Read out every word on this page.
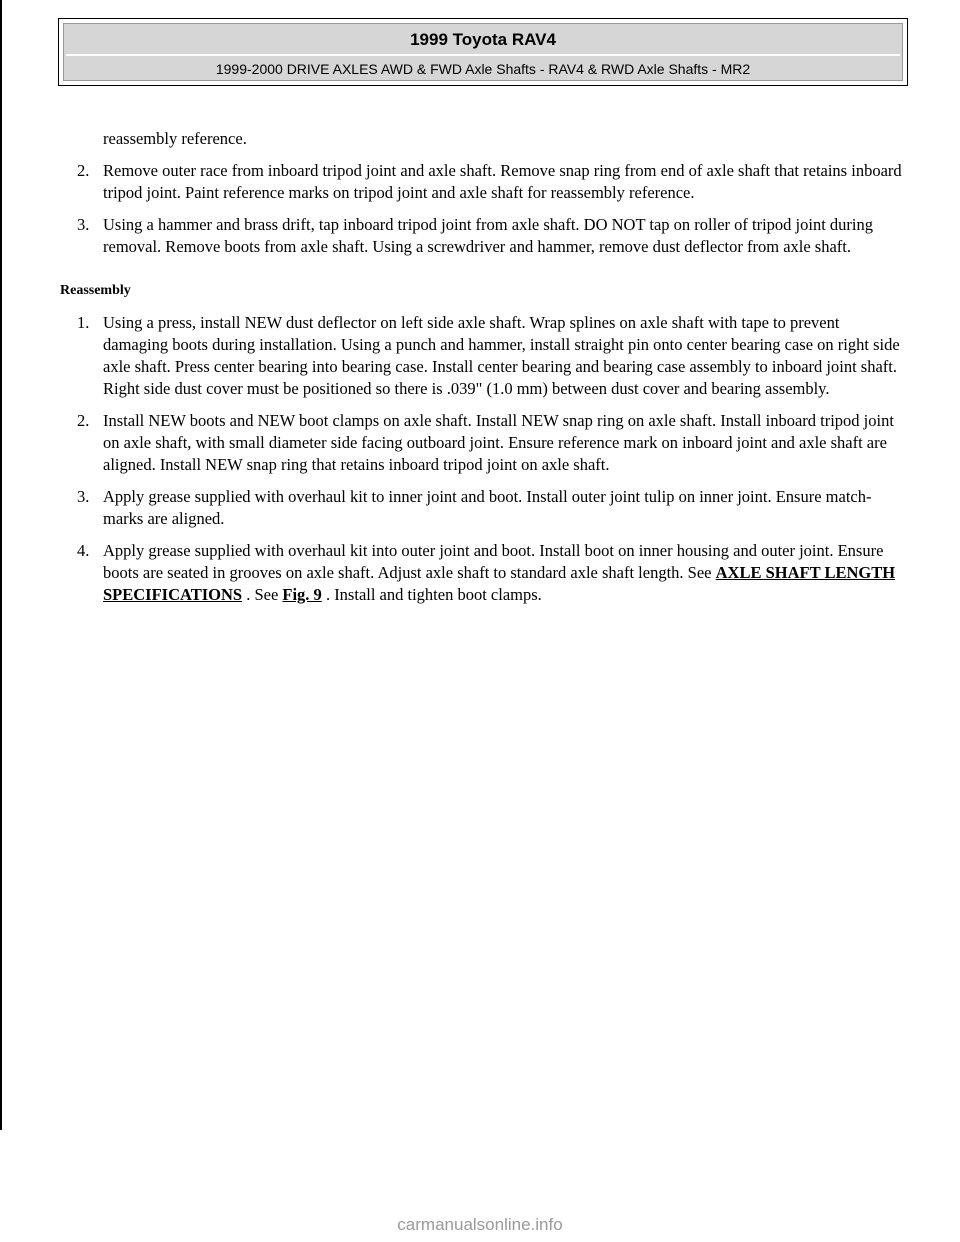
1999 Toyota RAV4
1999-2000 DRIVE AXLES AWD & FWD Axle Shafts - RAV4 & RWD Axle Shafts - MR2
reassembly reference.
2. Remove outer race from inboard tripod joint and axle shaft. Remove snap ring from end of axle shaft that retains inboard tripod joint. Paint reference marks on tripod joint and axle shaft for reassembly reference.
3. Using a hammer and brass drift, tap inboard tripod joint from axle shaft. DO NOT tap on roller of tripod joint during removal. Remove boots from axle shaft. Using a screwdriver and hammer, remove dust deflector from axle shaft.
Reassembly
1. Using a press, install NEW dust deflector on left side axle shaft. Wrap splines on axle shaft with tape to prevent damaging boots during installation. Using a punch and hammer, install straight pin onto center bearing case on right side axle shaft. Press center bearing into bearing case. Install center bearing and bearing case assembly to inboard joint shaft. Right side dust cover must be positioned so there is .039" (1.0 mm) between dust cover and bearing assembly.
2. Install NEW boots and NEW boot clamps on axle shaft. Install NEW snap ring on axle shaft. Install inboard tripod joint on axle shaft, with small diameter side facing outboard joint. Ensure reference mark on inboard joint and axle shaft are aligned. Install NEW snap ring that retains inboard tripod joint on axle shaft.
3. Apply grease supplied with overhaul kit to inner joint and boot. Install outer joint tulip on inner joint. Ensure match-marks are aligned.
4. Apply grease supplied with overhaul kit into outer joint and boot. Install boot on inner housing and outer joint. Ensure boots are seated in grooves on axle shaft. Adjust axle shaft to standard axle shaft length. See AXLE SHAFT LENGTH SPECIFICATIONS . See Fig. 9 . Install and tighten boot clamps.
carmanualsonline.info
